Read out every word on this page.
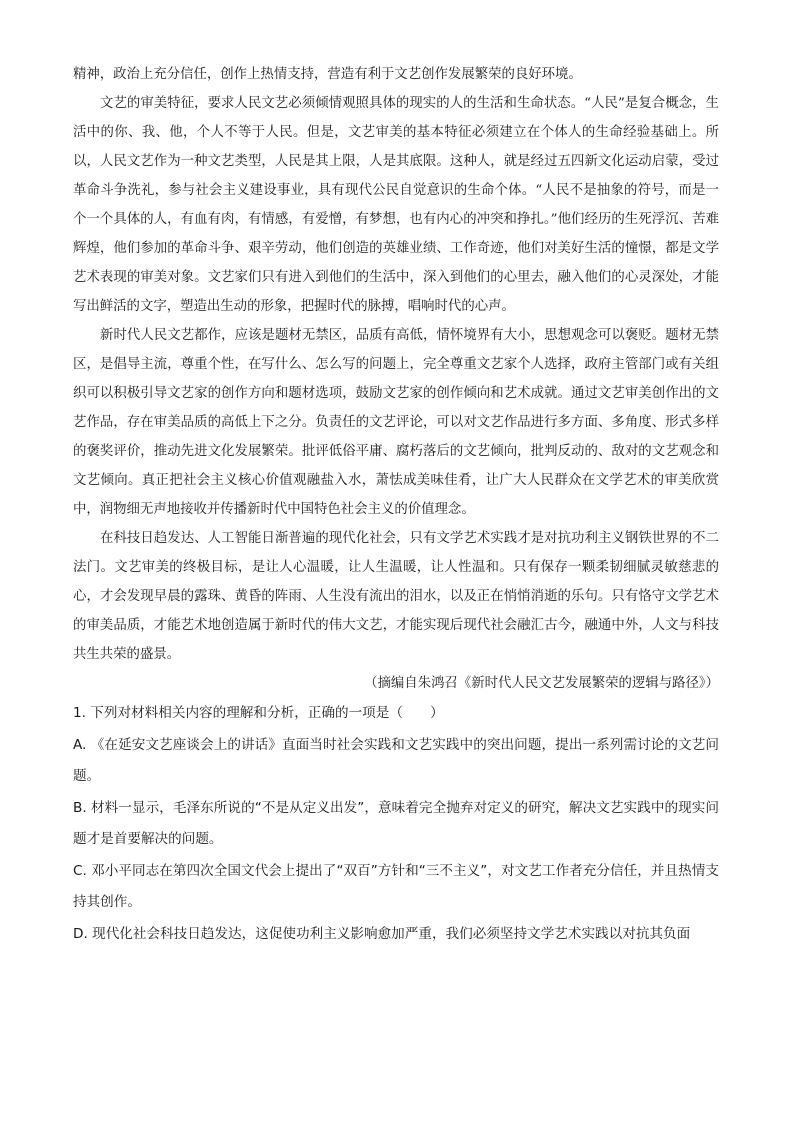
精神，政治上充分信任，创作上热情支持，营造有利于文艺创作发展繁荣的良好环境。

文艺的审美特征，要求人民文艺必须倾情观照具体的现实的人的生活和生命状态。“人民”是复合概念，生活中的你、我、他，个人不等于人民。但是，文艺审美的基本特征必须建立在个体人的生命经验基础上。所以，人民文艺作为一种文艺类型，人民是其上限，人是其底限。这种人，就是经过五四新文化运动启蒙，受过革命斗争洗礼，参与社会主义建设事业，具有现代公民自觉意识的生命个体。“人民不是抽象的符号，而是一个一个具体的人，有血有肉，有情感，有爱憎，有梦想，也有内心的冲突和挣扎。”他们经历的生死浮沉、苦难辉煌，他们参加的革命斗争、艰辛劳动，他们创造的英雄业绩、工作奇迹，他们对美好生活的憧憬，都是文学艺术表现的审美对象。文艺家们只有进入到他们的生活中，深入到他们的心里去，融入他们的心灵深处，才能写出鲜活的文字，塑造出生动的形象，把握时代的脉搏，唱响时代的心声。

新时代人民文艺都作，应该是题材无禁区，品质有高低，情怀境界有大小，思想观念可以褒贬。题材无禁区，是倡导主流，尊重个性，在写什么、怎么写的问题上，完全尊重文艺家个人选择，政府主管部门或有关组织可以积极引导文艺家的创作方向和题材选项，鼓励文艺家的创作倾向和艺术成就。通过文艺审美创作出的文艺作品，存在审美品质的高低上下之分。负责任的文艺评论，可以对文艺作品进行多方面、多角度、形式多样的褒奖评价，推动先进文化发展繁荣。批评低俗平庸、腐朽落后的文艺倾向，批判反动的、敌对的文艺观念和文艺倾向。真正把社会主义核心价值观融盐入水，萧怯成美味佳肴，让广大人民群众在文学艺术的审美欣赏中，润物细无声地接收并传播新时代中国特色社会主义的价值理念。

在科技日趋发达、人工智能日渐普遍的现代化社会，只有文学艺术实践才是对抗功利主义钢铁世界的不二法门。文艺审美的终极目标，是让人心温暖，让人生温暖，让人性温和。只有保存一颗柔韧细腻灵敏慈悲的心，才会发现早晨的露珠、黄昏的阵雨、人生没有流出的泪水，以及正在悄悄消逝的乐句。只有恪守文学艺术的审美品质，才能艺术地创造属于新时代的伟大文艺，才能实现后现代社会融汇古今，融通中外，人文与科技共生共荣的盛景。

（摘编自朱鸿召《新时代人民文艺发展繁荣的逻辑与路径》）

1. 下列对材料相关内容的理解和分析，正确的一项是（　　）

A. 《在延安文艺座谈会上的讲话》直面当时社会实践和文艺实践中的突出问题，提出一系列需讨论的文艺问题。

B. 材料一显示，毛泽东所说的“不是从定义出发”，意味着完全抛弃对定义的研究，解决文艺实践中的现实问题才是首要解决的问题。

C. 邓小平同志在第四次全国文代会上提出了“双百”方针和“三不主义”，对文艺工作者充分信任，并且热情支持其创作。

D. 现代化社会科技日趋发达，这促使功利主义影响愈加严重，我们必须坚持文学艺术实践以对抗其负面
